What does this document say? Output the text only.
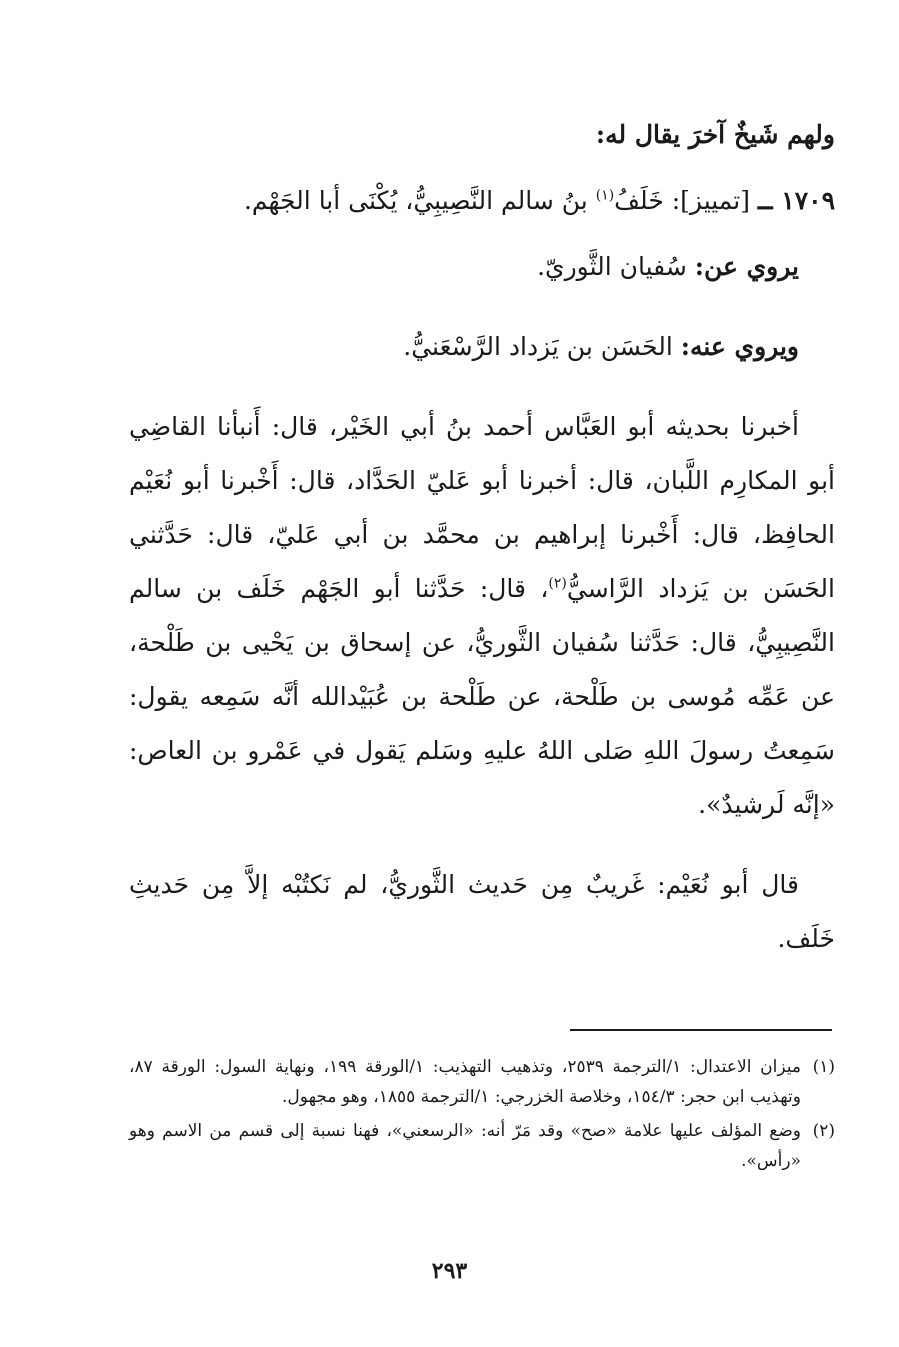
ولهم شَيخٌ آخرَ يقال له:

١٧٠٩ ــ [تمييز]: خَلَفُ$^{(١)}$ بنُ سالم النَّصِيبِيُّ، يُكْنَى أبا الجَهْم.

يروي عن: سُفيان الثَّوريّ.

ويروي عنه: الحَسَن بن يَزداد الرَّسْعَنيُّ.

أخبرنا بحديثه أبو العَبَّاس أحمد بنُ أبي الخَيْر، قال: أَنبأنا القاضِي أبو المكارِم اللَّبان، قال: أخبرنا أبو عَليّ الحَدَّاد، قال: أَخْبرنا أبو نُعَيْم الحافِظ، قال: أَخْبرنا إبراهيم بن محمَّد بن أبي عَليّ، قال: حَدَّثني الحَسَن بن يَزداد الرَّاسيُّ$^{(٢)}$، قال: حَدَّثنا أبو الجَهْم خَلَف بن سالم النَّصِيبِيُّ، قال: حَدَّثنا سُفيان الثَّوريُّ، عن إسحاق بن يَحْيى بن طَلْحة، عن عَمِّه مُوسى بن طَلْحة، عن طَلْحة بن عُبَيْدالله أنَّه سَمِعه يقول: سَمِعتُ رسولَ اللهِ صَلى اللهُ عليهِ وسَلم يَقول في عَمْرو بن العاص: «إنَّه لَرشيدٌ».

قال أبو نُعَيْم: غَريبٌ مِن حَديث الثَّوريُّ، لم نَكتُبْه إلاَّ مِن حَديثِ خَلَف.

(١)
ميزان الاعتدال: ١/الترجمة ٢٥٣٩، وتذهيب التهذيب: ١/الورقة ١٩٩، ونهاية السول: الورقة ٨٧، وتهذيب ابن حجر: ١٥٤/٣، وخلاصة الخزرجي: ١/الترجمة ١٨٥٥، وهو مجهول.

(٢)
وضع المؤلف عليها علامة «صح» وقد مَرّ أنه: «الرسعني»، فهنا نسبة إلى قسم من الاسم وهو «رأس».

٢٩٣
